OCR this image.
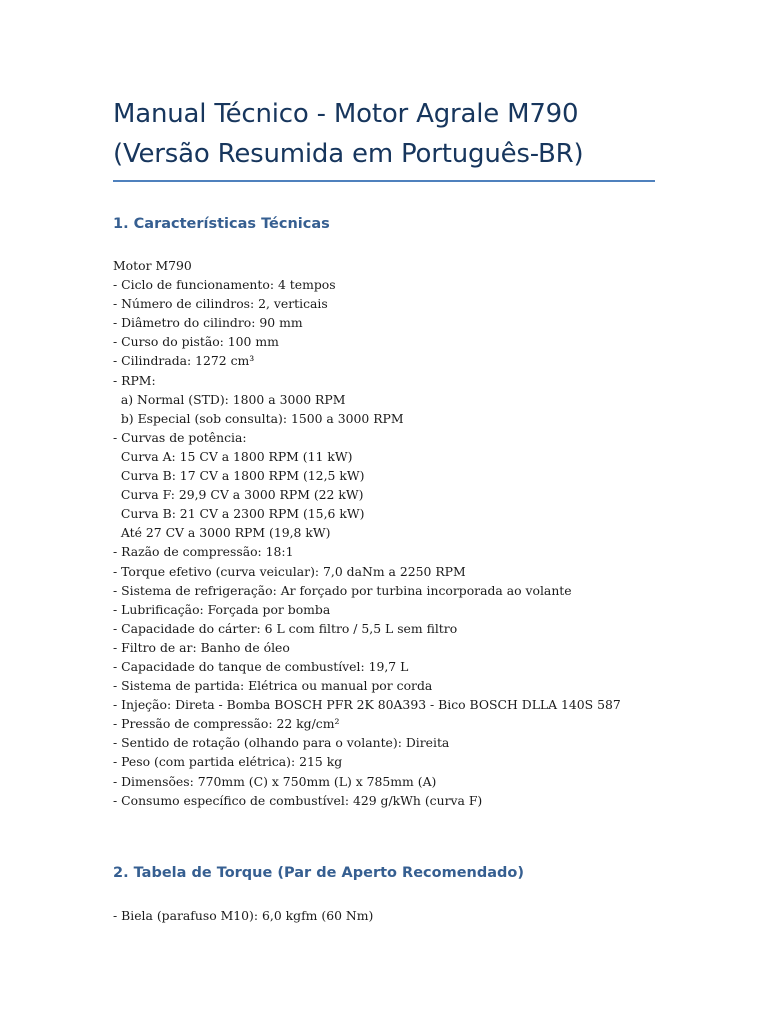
Manual Técnico - Motor Agrale M790
(Versão Resumida em Português-BR)
1. Características Técnicas
Motor M790
- Ciclo de funcionamento: 4 tempos
- Número de cilindros: 2, verticais
- Diâmetro do cilindro: 90 mm
- Curso do pistão: 100 mm
- Cilindrada: 1272 cm³
- RPM:
a) Normal (STD): 1800 a 3000 RPM
b) Especial (sob consulta): 1500 a 3000 RPM
- Curvas de potência:
Curva A: 15 CV a 1800 RPM (11 kW)
Curva B: 17 CV a 1800 RPM (12,5 kW)
Curva F: 29,9 CV a 3000 RPM (22 kW)
Curva B: 21 CV a 2300 RPM (15,6 kW)
Até 27 CV a 3000 RPM (19,8 kW)
- Razão de compressão: 18:1
- Torque efetivo (curva veicular): 7,0 daNm a 2250 RPM
- Sistema de refrigeração: Ar forçado por turbina incorporada ao volante
- Lubrificação: Forçada por bomba
- Capacidade do cárter: 6 L com filtro / 5,5 L sem filtro
- Filtro de ar: Banho de óleo
- Capacidade do tanque de combustível: 19,7 L
- Sistema de partida: Elétrica ou manual por corda
- Injeção: Direta - Bomba BOSCH PFR 2K 80A393 - Bico BOSCH DLLA 140S 587
- Pressão de compressão: 22 kg/cm²
- Sentido de rotação (olhando para o volante): Direita
- Peso (com partida elétrica): 215 kg
- Dimensões: 770mm (C) x 750mm (L) x 785mm (A)
- Consumo específico de combustível: 429 g/kWh (curva F)
2. Tabela de Torque (Par de Aperto Recomendado)
- Biela (parafuso M10): 6,0 kgfm (60 Nm)
